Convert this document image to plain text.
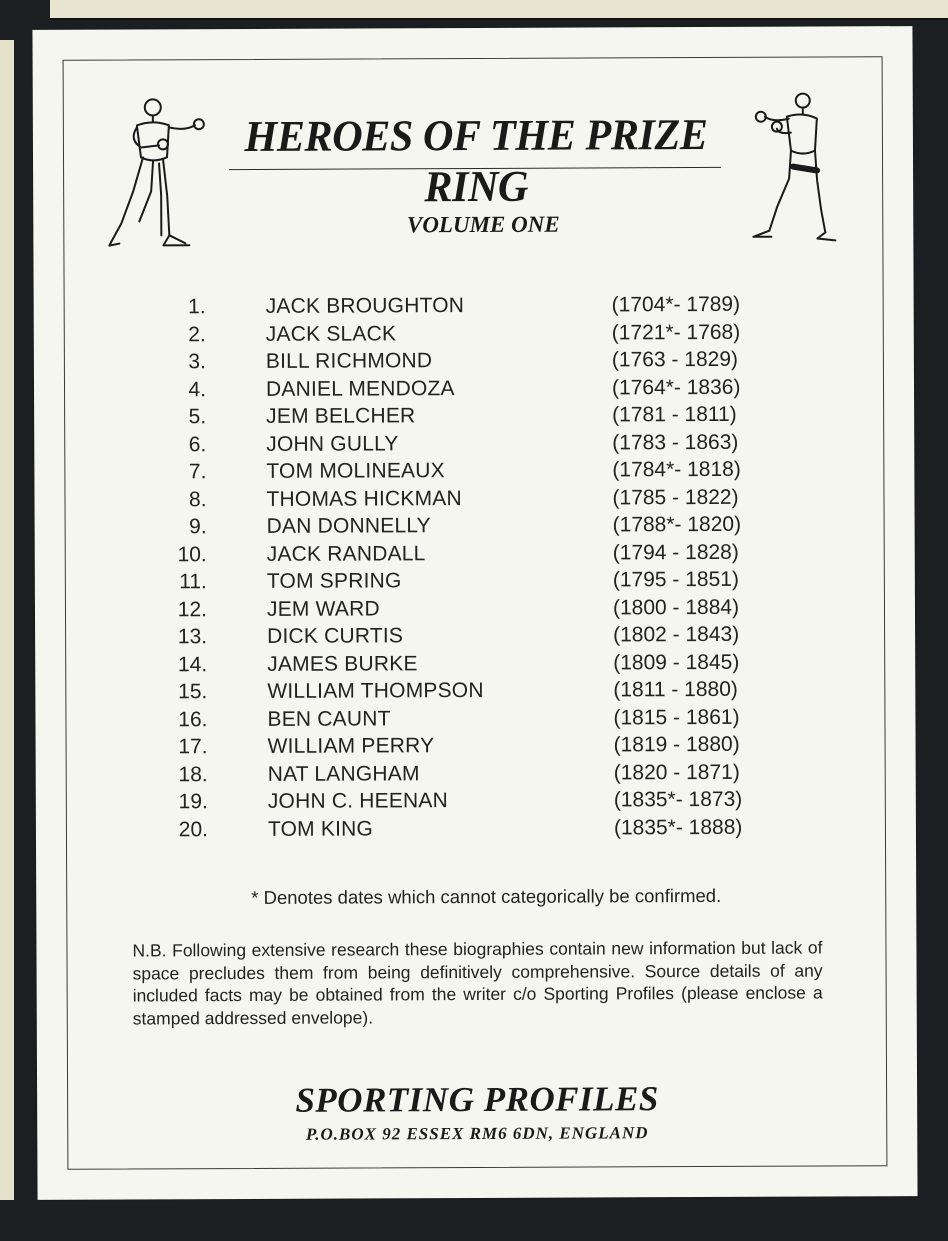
HEROES OF THE PRIZE RING
VOLUME ONE
1.	JACK BROUGHTON	(1704*- 1789)
2.	JACK SLACK	(1721*- 1768)
3.	BILL RICHMOND	(1763 - 1829)
4.	DANIEL MENDOZA	(1764*- 1836)
5.	JEM BELCHER	(1781 - 1811)
6.	JOHN GULLY	(1783 - 1863)
7.	TOM MOLINEAUX	(1784*- 1818)
8.	THOMAS HICKMAN	(1785 - 1822)
9.	DAN DONNELLY	(1788*- 1820)
10.	JACK RANDALL	(1794 - 1828)
11.	TOM SPRING	(1795 - 1851)
12.	JEM WARD	(1800 - 1884)
13.	DICK CURTIS	(1802 - 1843)
14.	JAMES BURKE	(1809 - 1845)
15.	WILLIAM THOMPSON	(1811 - 1880)
16.	BEN CAUNT	(1815 - 1861)
17.	WILLIAM PERRY	(1819 - 1880)
18.	NAT LANGHAM	(1820 - 1871)
19.	JOHN C. HEENAN	(1835*- 1873)
20.	TOM KING	(1835*- 1888)
* Denotes dates which cannot categorically be confirmed.
N.B. Following extensive research these biographies contain new information but lack of space precludes them from being definitively comprehensive. Source details of any included facts may be obtained from the writer c/o Sporting Profiles (please enclose a stamped addressed envelope).
SPORTING PROFILES
P.O.BOX 92 ESSEX RM6 6DN, ENGLAND
